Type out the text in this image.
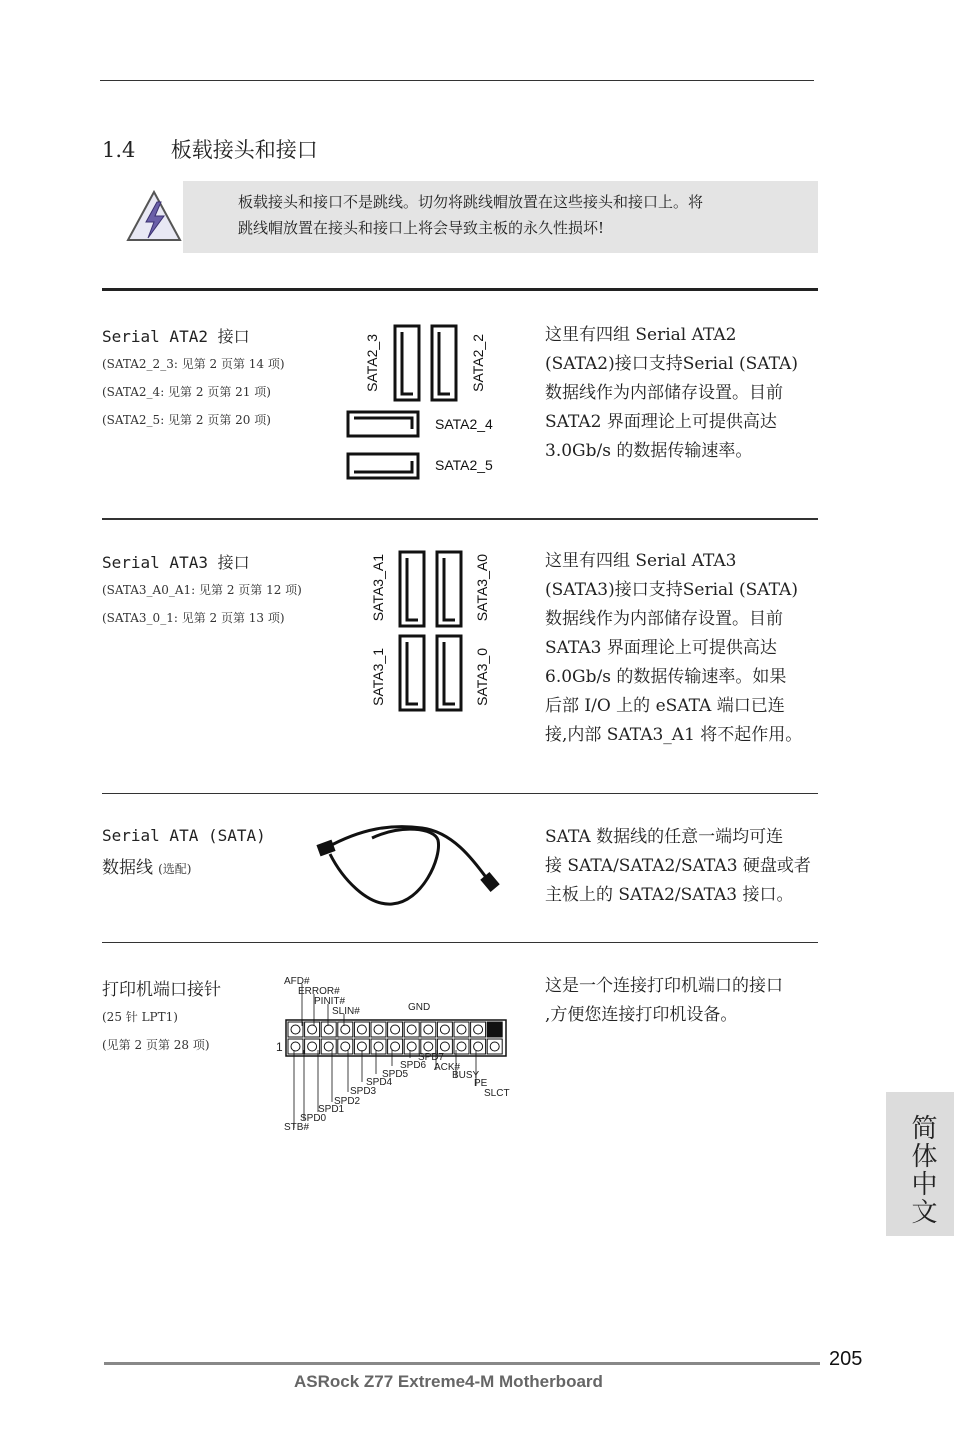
1.4 板载接头和接口
板载接头和接口不是跳线。切勿将跳线帽放置在这些接头和接口上。将
跳线帽放置在接头和接口上将会导致主板的永久性损坏!
Serial ATA2 接口
(SATA2_2_3: 见第 2 页第 14 项)
(SATA2_4: 见第 2 页第 21 项)
(SATA2_5: 见第 2 页第 20 项)
SATA2_3	SATA2_2
SATA2_4
SATA2_5
这里有四组 Serial ATA2
(SATA2)接口支持Serial (SATA)
数据线作为内部储存设置。目前
SATA2 界面理论上可提供高达
3.0Gb/s 的数据传输速率。
Serial ATA3 接口
(SATA3_A0_A1: 见第 2 页第 12 项)
(SATA3_0_1: 见第 2 页第 13 项)	SATA3_A1	SATA3_A0
SATA3_1	SATA3_0
这里有四组 Serial ATA3
(SATA3)接口支持Serial (SATA)
数据线作为内部储存设置。目前
SATA3 界面理论上可提供高达
6.0Gb/s 的数据传输速率。如果
后部 I/O 上的 eSATA 端口已连
接,内部 SATA3_A1 将不起作用。
Serial ATA (SATA)
数据线 (选配)
SATA 数据线的任意一端均可连
接 SATA/SATA2/SATA3 硬盘或者
主板上的 SATA2/SATA3 接口。
打印机端口接针
(25 针 LPT1)
(见第 2 页第 28 项)
AFD#
ERROR#
PINIT#
SLIN#	GND
1
SPD7
SPD6 ACK#
SPD5	BUSY
SPD4	PE
SPD3	SLCT
SPD2
SPD1
SPD0
STB#
这是一个连接打印机端口的接口
,方便您连接打印机设备。
简体中文
205
ASRock Z77 Extreme4-M Motherboard
